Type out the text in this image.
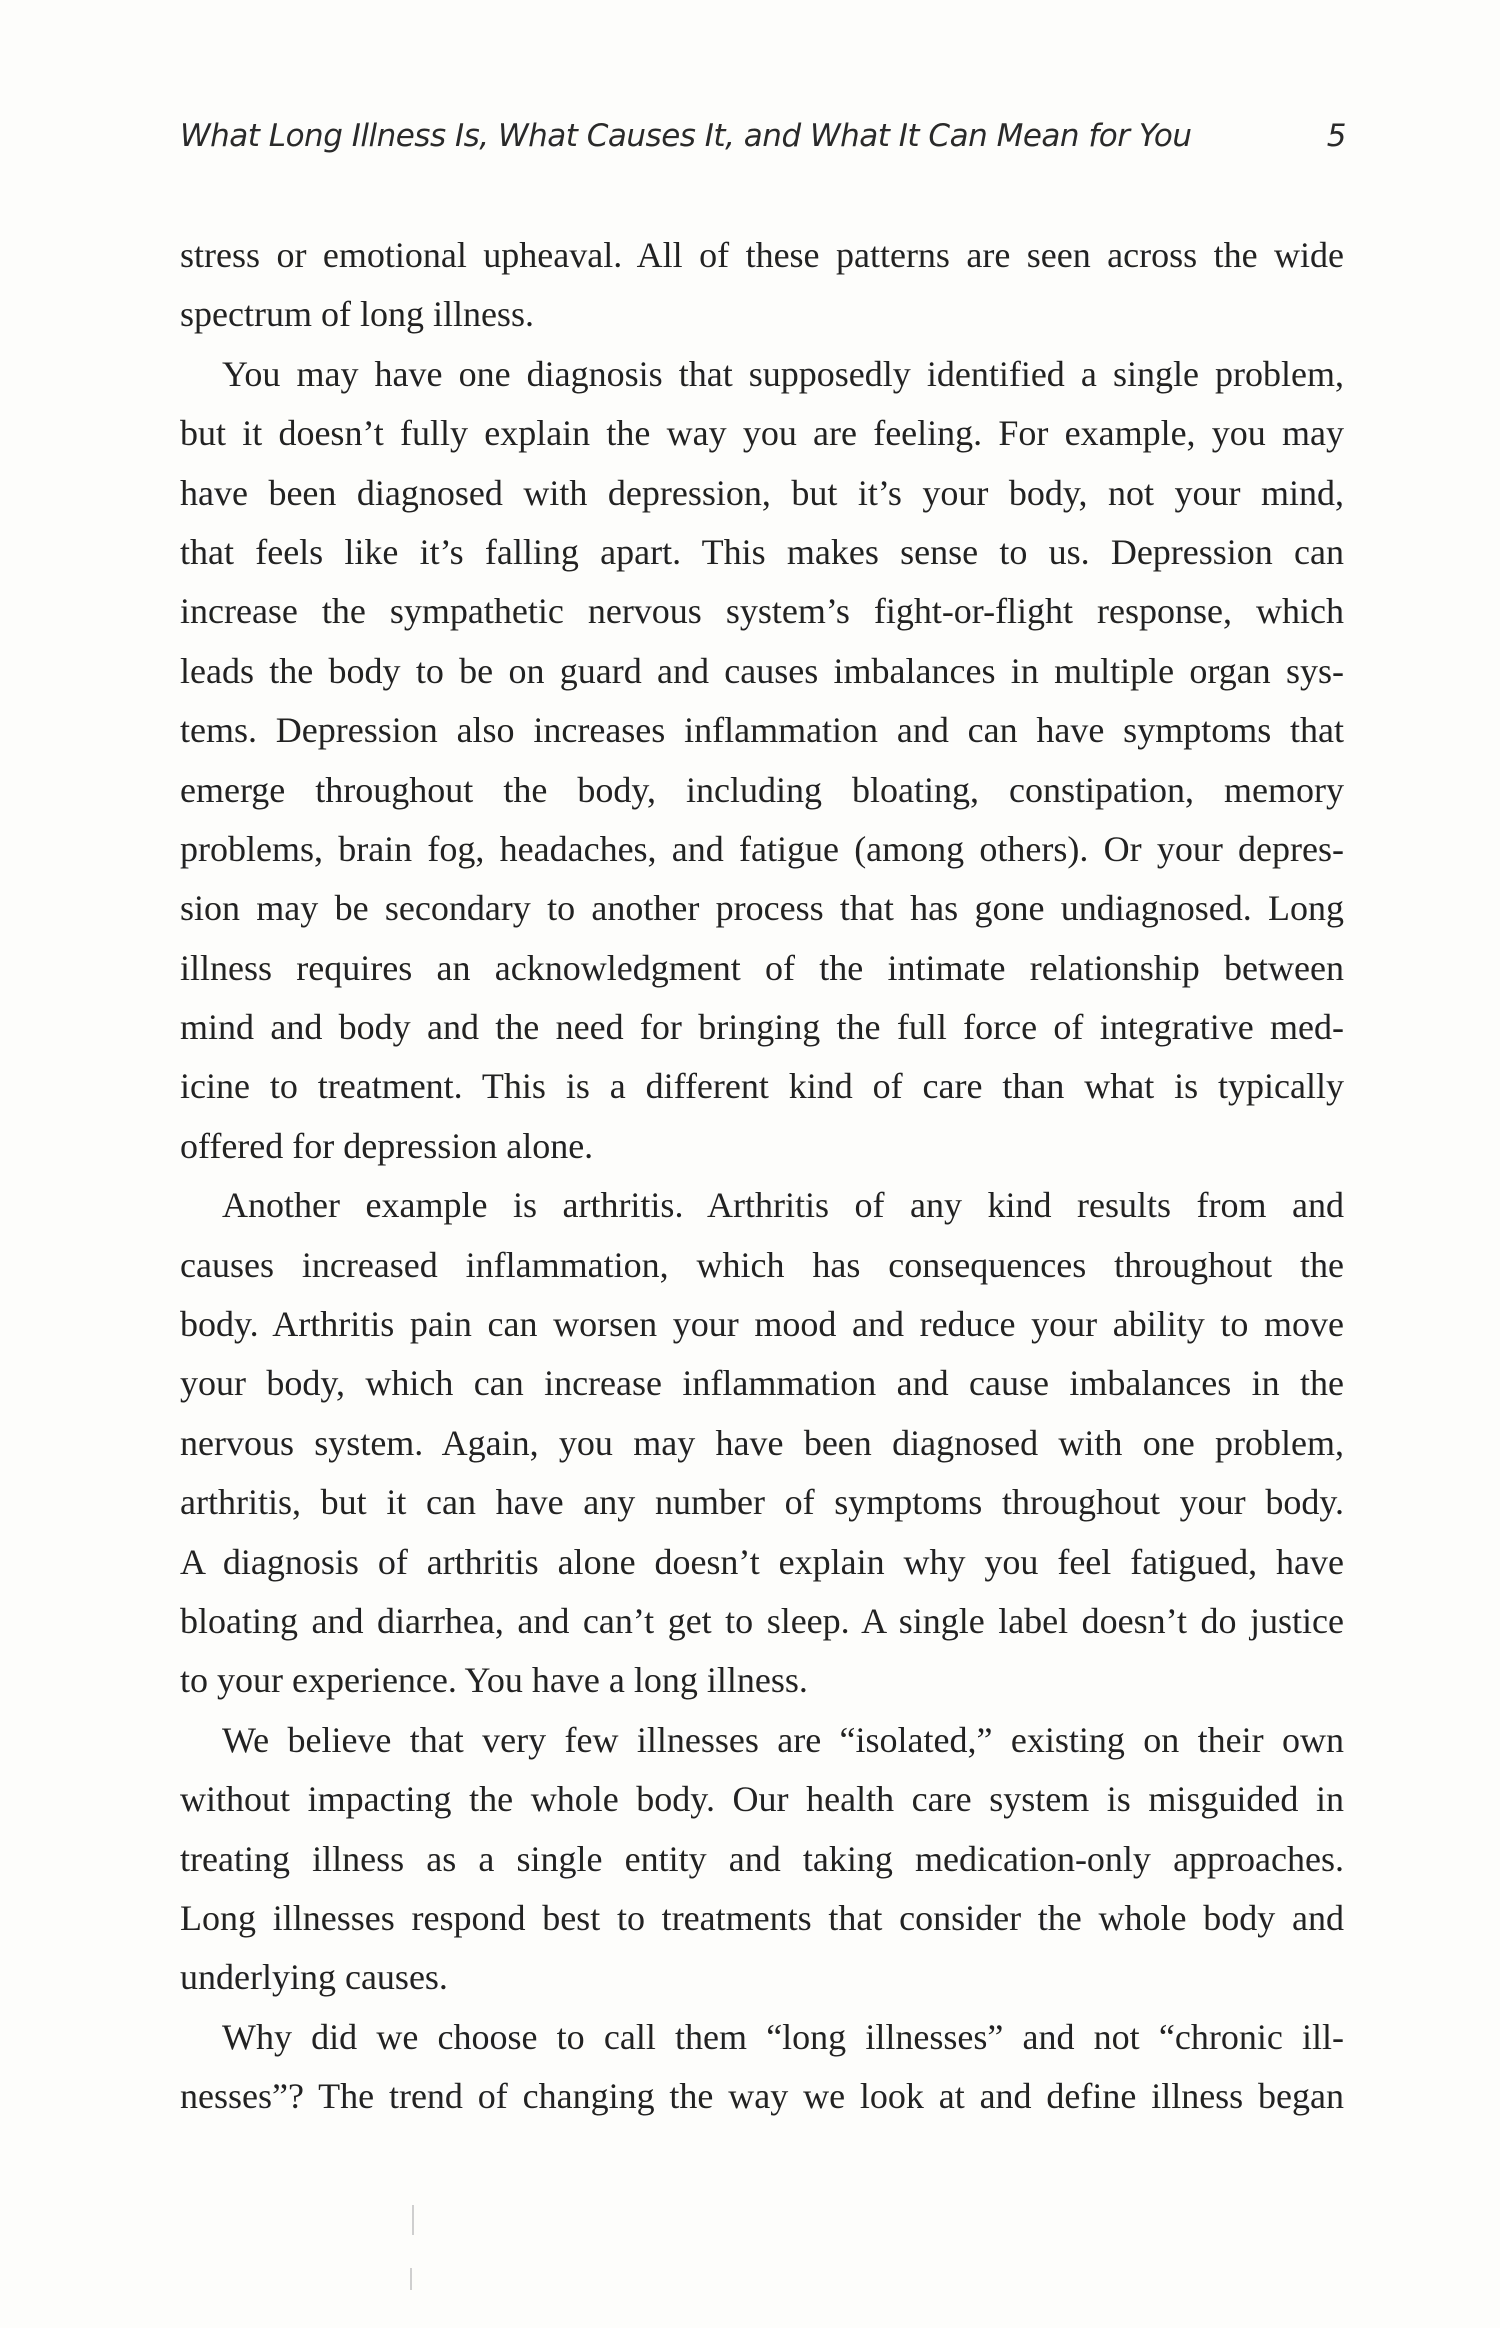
What Long Illness Is, What Causes It, and What It Can Mean for You	5
stress or emotional upheaval. All of these patterns are seen across the wide
spectrum of long illness.
You may have one diagnosis that supposedly identified a single problem,
but it doesn’t fully explain the way you are feeling. For example, you may
have been diagnosed with depression, but it’s your body, not your mind,
that feels like it’s falling apart. This makes sense to us. Depression can
increase the sympathetic nervous system’s fight-or-flight response, which
leads the body to be on guard and causes imbalances in multiple organ sys-
tems. Depression also increases inflammation and can have symptoms that
emerge throughout the body, including bloating, constipation, memory
problems, brain fog, headaches, and fatigue (among others). Or your depres-
sion may be secondary to another process that has gone undiagnosed. Long
illness requires an acknowledgment of the intimate relationship between
mind and body and the need for bringing the full force of integrative med-
icine to treatment. This is a different kind of care than what is typically
offered for depression alone.
Another example is arthritis. Arthritis of any kind results from and
causes increased inflammation, which has consequences throughout the
body. Arthritis pain can worsen your mood and reduce your ability to move
your body, which can increase inflammation and cause imbalances in the
nervous system. Again, you may have been diagnosed with one problem,
arthritis, but it can have any number of symptoms throughout your body.
A diagnosis of arthritis alone doesn’t explain why you feel fatigued, have
bloating and diarrhea, and can’t get to sleep. A single label doesn’t do justice
to your experience. You have a long illness.
We believe that very few illnesses are “isolated,” existing on their own
without impacting the whole body. Our health care system is misguided in
treating illness as a single entity and taking medication-only approaches.
Long illnesses respond best to treatments that consider the whole body and
underlying causes.
Why did we choose to call them “long illnesses” and not “chronic ill-
nesses”? The trend of changing the way we look at and define illness began
